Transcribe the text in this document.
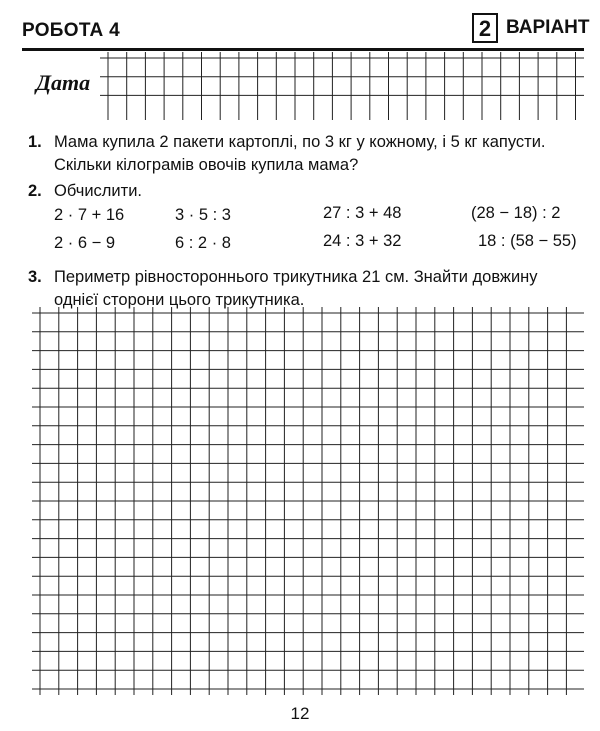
РОБОТА 4	2 ВАРІАНТ
Дата
1. Мама купила 2 пакети картоплі, по 3 кг у кожному, і 5 кг капусти.
Скільки кілограмів овочів купила мама?
2. Обчислити.
2 · 7 + 16	3 · 5 : 3	27 : 3 + 48	(28 − 18) : 2
2 · 6 − 9	6 : 2 · 8	24 : 3 + 32	18 : (58 − 55)
3. Периметр рівностороннього трикутника 21 см. Знайти довжину
однієї сторони цього трикутника.
12
